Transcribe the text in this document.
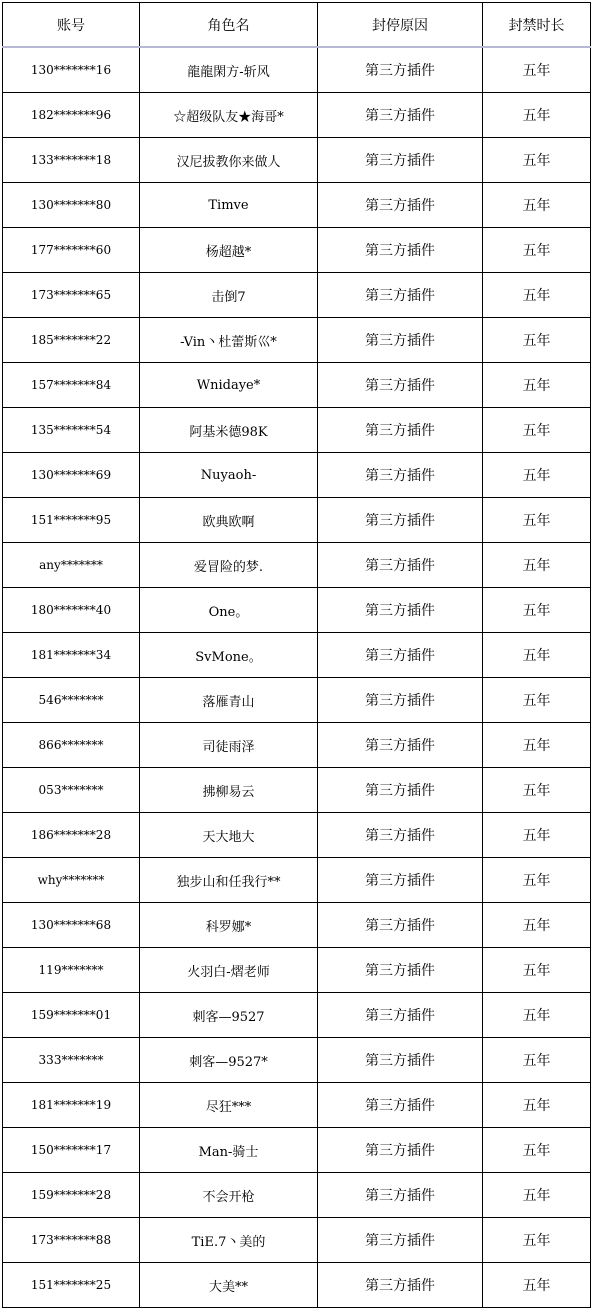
账号	角色名	封停原因	封禁时长
130*******16	龍龍閑方-斩风	第三方插件	五年
182*******96	☆超级队友★海哥*	第三方插件	五年
133*******18	汉尼拔教你来做人	第三方插件	五年
130*******80	Timve	第三方插件	五年
177*******60	杨超越*	第三方插件	五年
173*******65	击倒7	第三方插件	五年
185*******22	-Vin丶杜蕾斯巛*	第三方插件	五年
157*******84	Wnidaye*	第三方插件	五年
135*******54	阿基米德98K	第三方插件	五年
130*******69	Nuyaoh-	第三方插件	五年
151*******95	欧典欧啊	第三方插件	五年
any*******	爱冒险的梦.	第三方插件	五年
180*******40	One。	第三方插件	五年
181*******34	SvMone。	第三方插件	五年
546*******	落雁青山	第三方插件	五年
866*******	司徒雨泽	第三方插件	五年
053*******	拂柳易云	第三方插件	五年
186*******28	天大地大	第三方插件	五年
why*******	独步山和任我行**	第三方插件	五年
130*******68	科罗娜*	第三方插件	五年
119*******	火羽白-熠老师	第三方插件	五年
159*******01	刺客—9527	第三方插件	五年
333*******	刺客—9527*	第三方插件	五年
181*******19	尽狂***	第三方插件	五年
150*******17	Man-骑士	第三方插件	五年
159*******28	不会开枪	第三方插件	五年
173*******88	TiE.7丶美的	第三方插件	五年
151*******25	大美**	第三方插件	五年
